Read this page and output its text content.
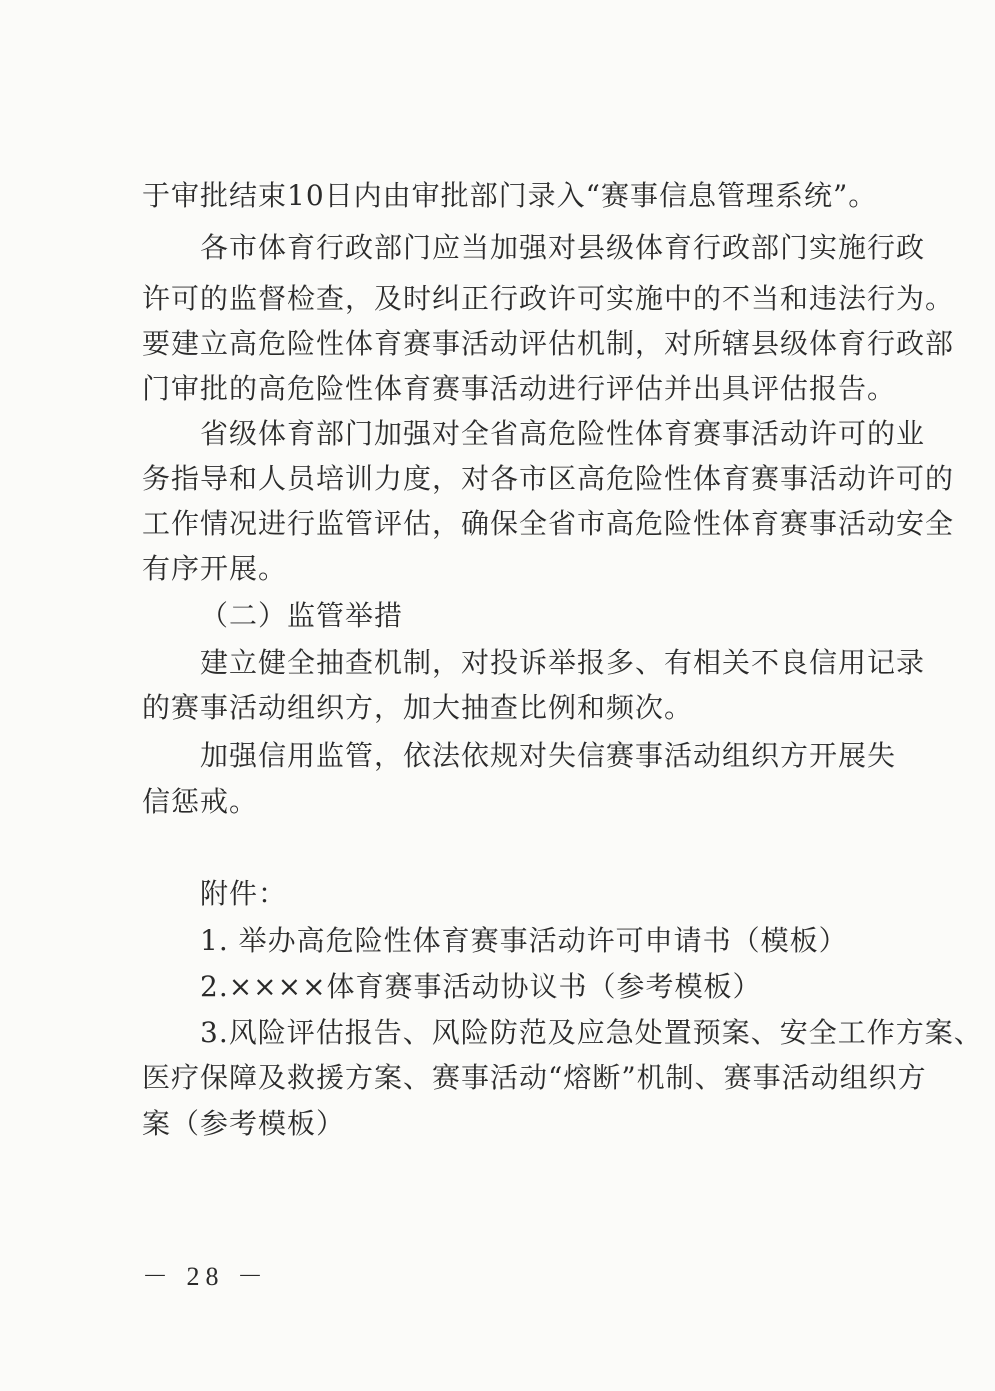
于审批结束10日内由审批部门录入“赛事信息管理系统”。
各市体育行政部门应当加强对县级体育行政部门实施行政
许可的监督检查，及时纠正行政许可实施中的不当和违法行为。
要建立高危险性体育赛事活动评估机制，对所辖县级体育行政部
门审批的高危险性体育赛事活动进行评估并出具评估报告。
省级体育部门加强对全省高危险性体育赛事活动许可的业
务指导和人员培训力度，对各市区高危险性体育赛事活动许可的
工作情况进行监管评估，确保全省市高危险性体育赛事活动安全
有序开展。
（二）监管举措
建立健全抽查机制，对投诉举报多、有相关不良信用记录
的赛事活动组织方，加大抽查比例和频次。
加强信用监管，依法依规对失信赛事活动组织方开展失
信惩戒。
附件：
1. 举办高危险性体育赛事活动许可申请书（模板）
2.××××体育赛事活动协议书（参考模板）
3.风险评估报告、风险防范及应急处置预案、安全工作方案、
医疗保障及救援方案、赛事活动“熔断”机制、赛事活动组织方
案（参考模板）
－ 28 －
